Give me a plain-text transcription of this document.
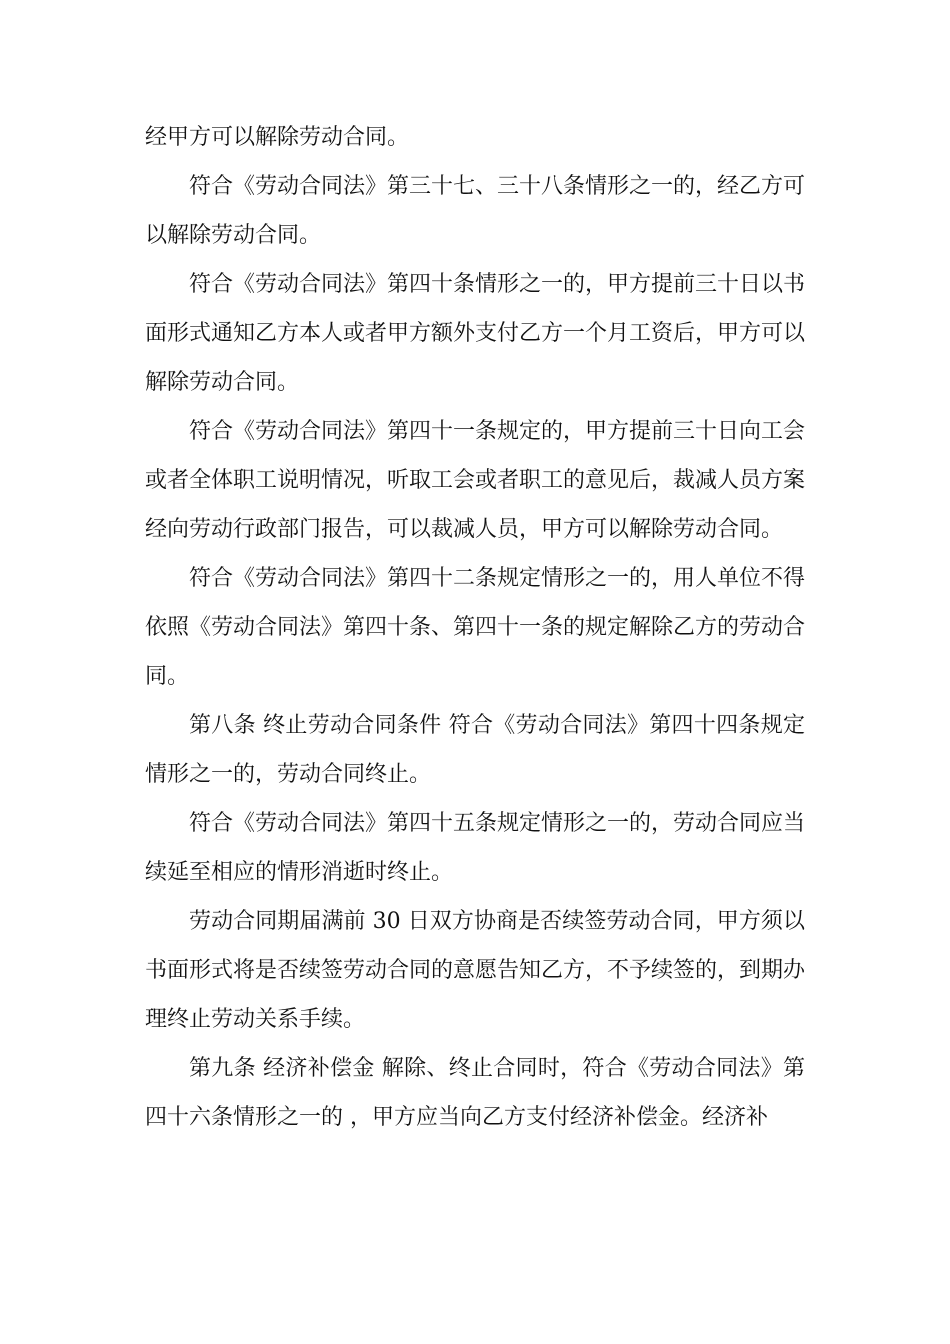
经甲方可以解除劳动合同。

符合《劳动合同法》第三十七、三十八条情形之一的，经乙方可以解除劳动合同。

符合《劳动合同法》第四十条情形之一的，甲方提前三十日以书面形式通知乙方本人或者甲方额外支付乙方一个月工资后，甲方可以解除劳动合同。

符合《劳动合同法》第四十一条规定的，甲方提前三十日向工会或者全体职工说明情况，听取工会或者职工的意见后，裁减人员方案经向劳动行政部门报告，可以裁减人员，甲方可以解除劳动合同。

符合《劳动合同法》第四十二条规定情形之一的，用人单位不得依照《劳动合同法》第四十条、第四十一条的规定解除乙方的劳动合同。

第八条 终止劳动合同条件 符合《劳动合同法》第四十四条规定情形之一的，劳动合同终止。

符合《劳动合同法》第四十五条规定情形之一的，劳动合同应当续延至相应的情形消逝时终止。

劳动合同期届满前 30 日双方协商是否续签劳动合同，甲方须以书面形式将是否续签劳动合同的意愿告知乙方，不予续签的，到期办理终止劳动关系手续。

第九条 经济补偿金 解除、终止合同时，符合《劳动合同法》第四十六条情形之一的 ，甲方应当向乙方支付经济补偿金。经济补
